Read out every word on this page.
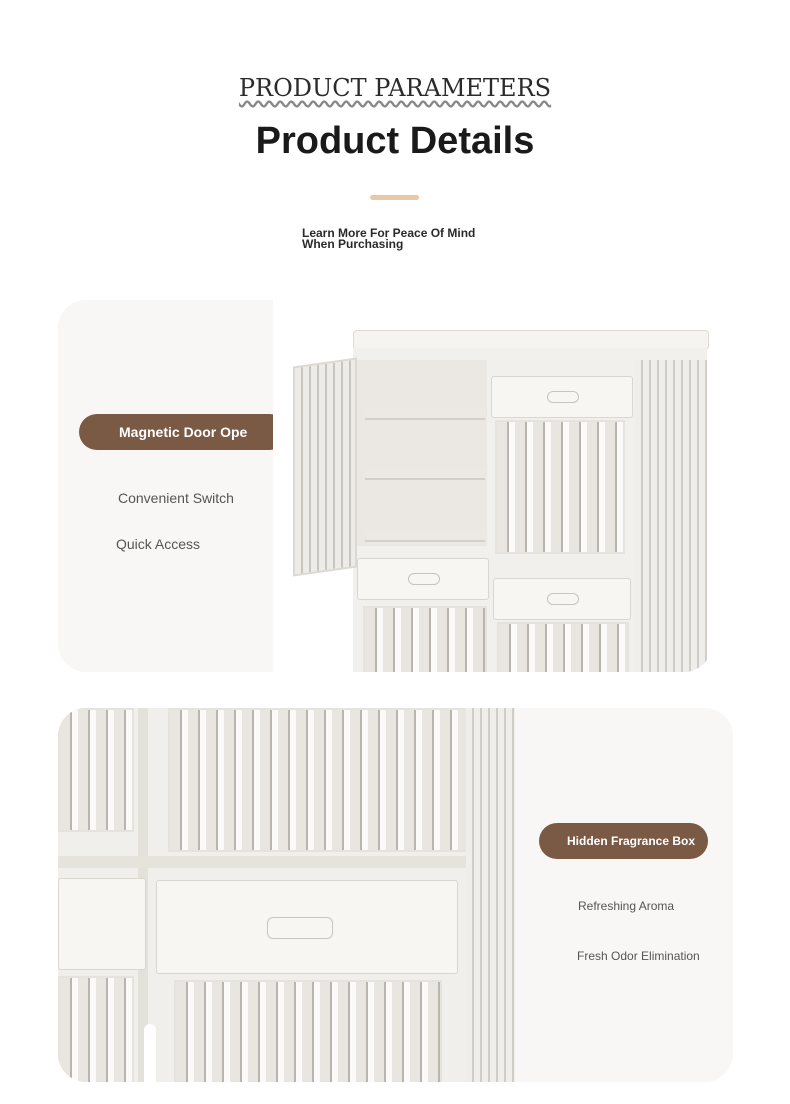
PRODUCT PARAMETERS
Product Details
Learn More For Peace Of Mind
When Purchasing
Magnetic Door Ope
Convenient Switch
Quick Access
Hidden Fragrance Box
Refreshing Aroma
Fresh Odor Elimination
